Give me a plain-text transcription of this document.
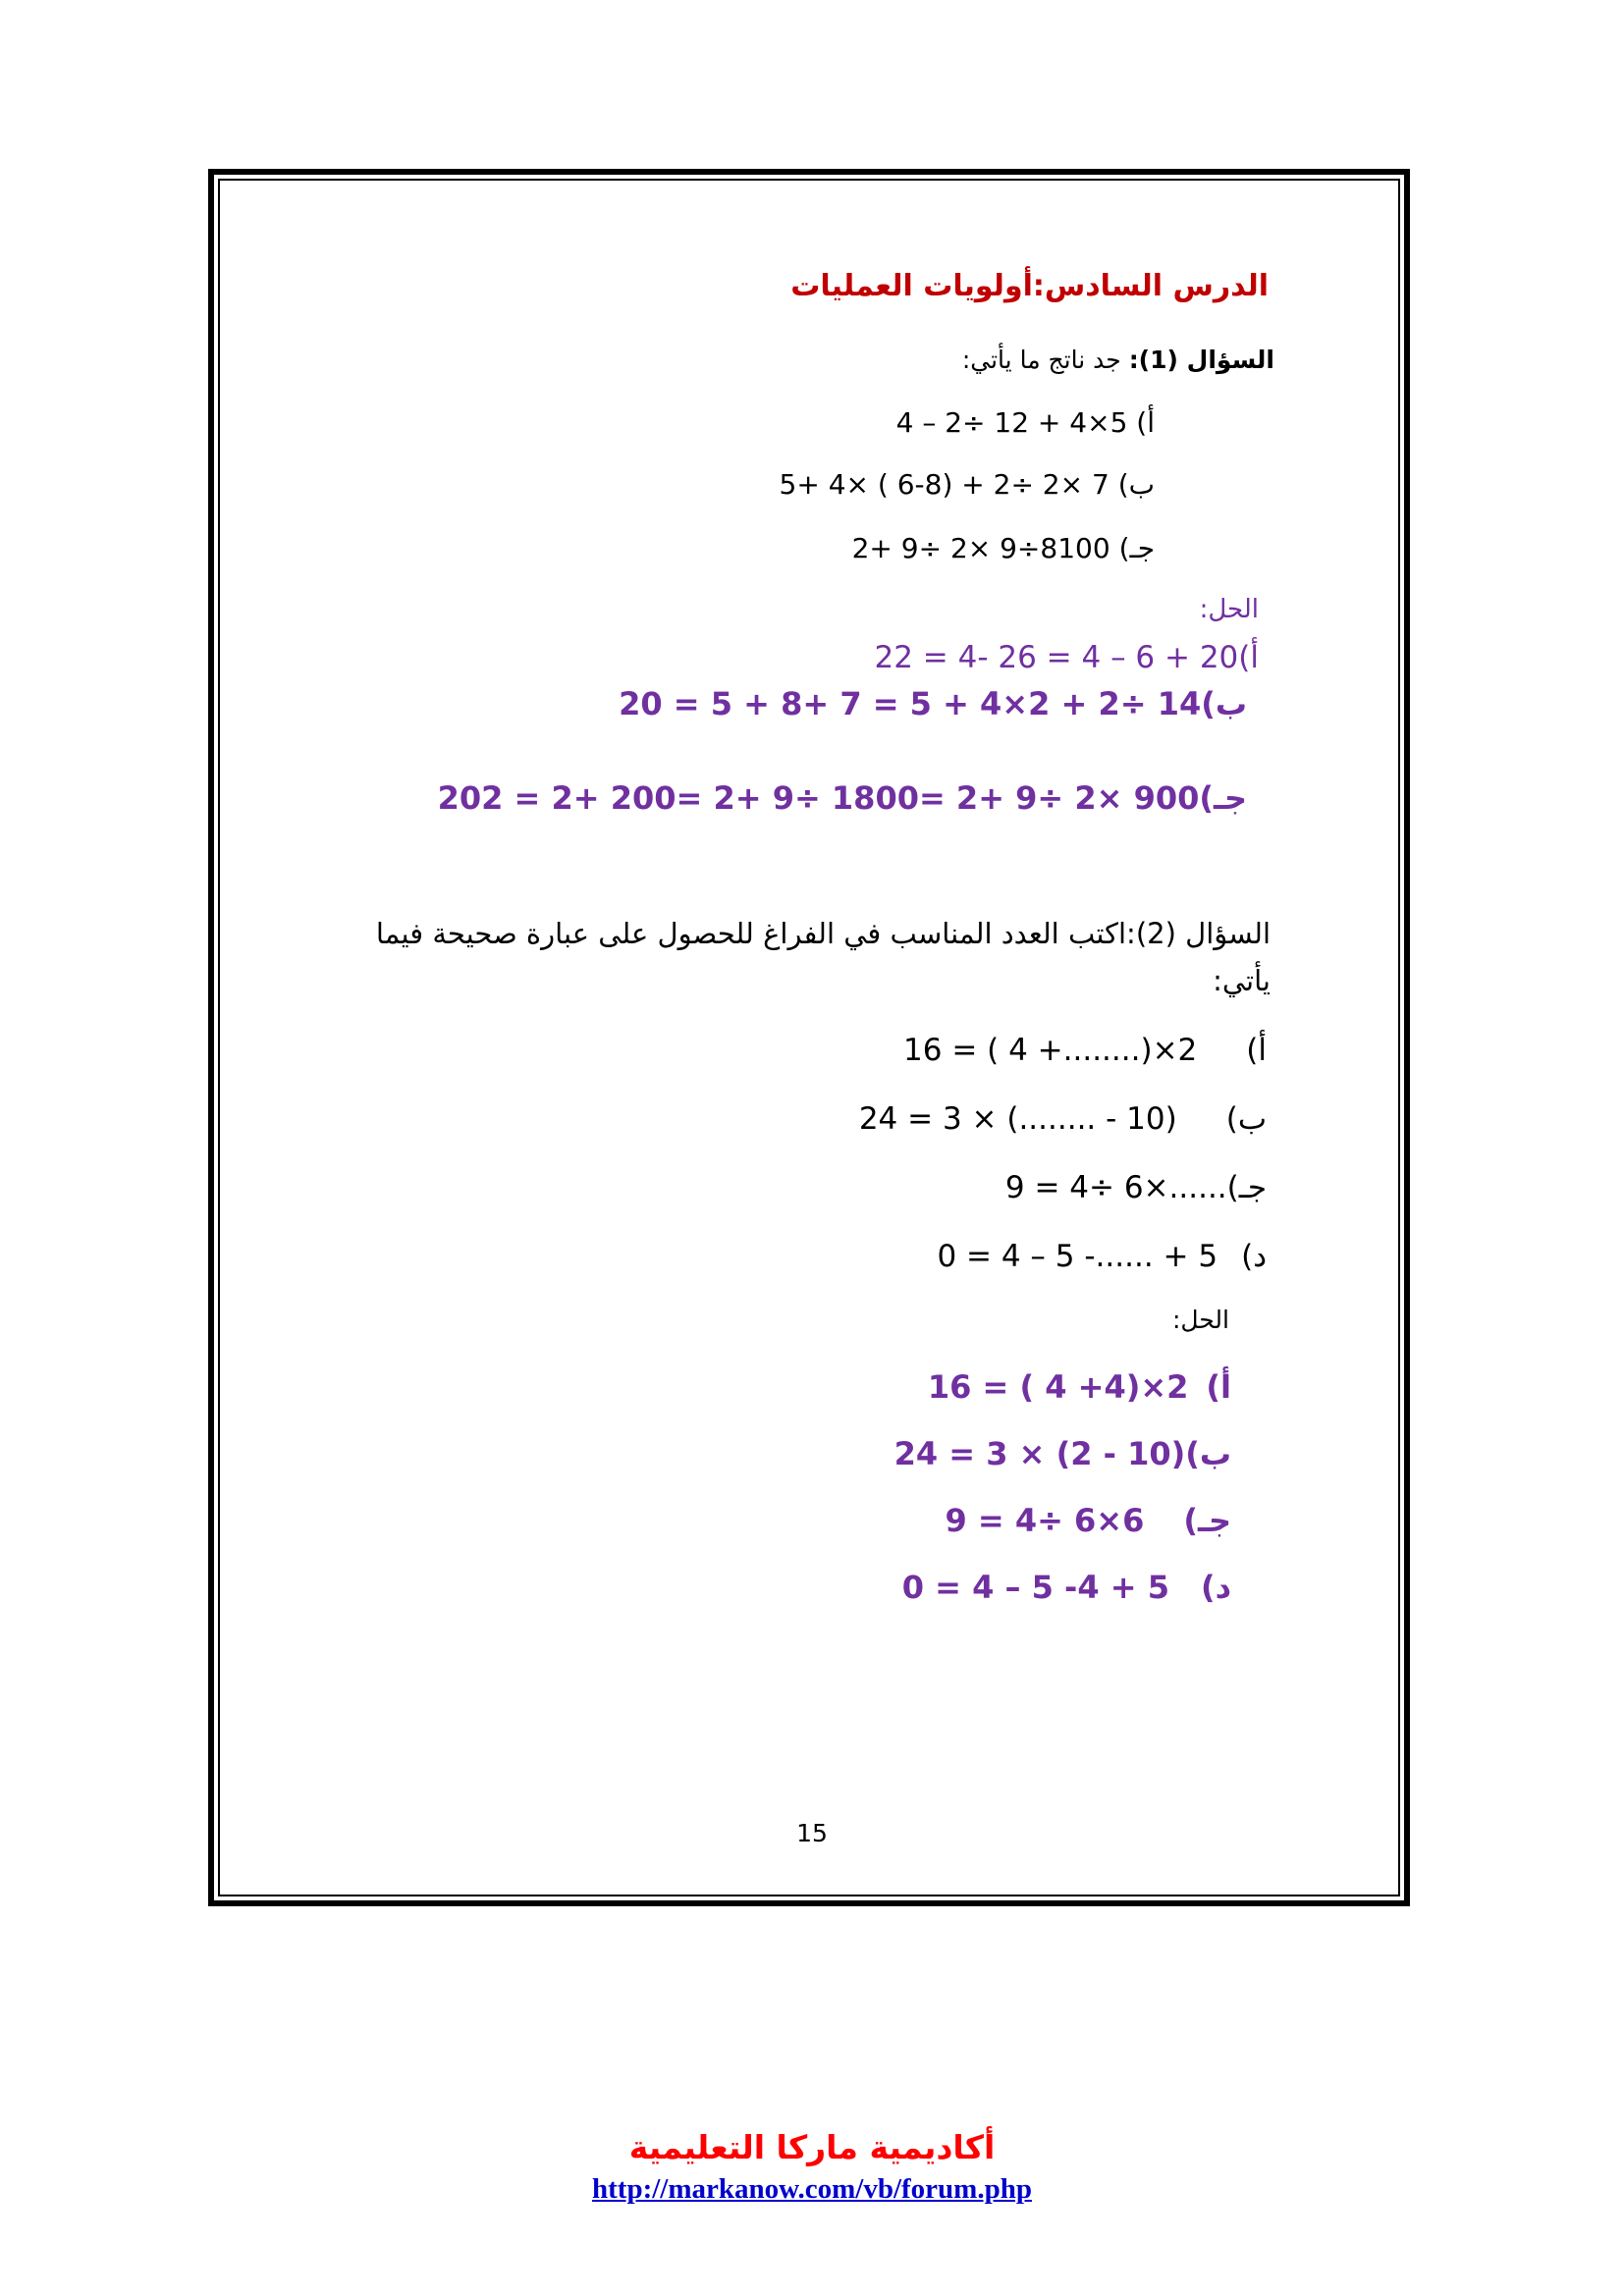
الدرس السادس:أولويات العمليات
السؤال (1): جد ناتج ما يأتي:
أ) 4 – 2÷ 12 + 4×5
ب) 5+ 4× ( 6-8) + 2÷ 2× 7
جـ) 2+ 9÷ 2× 9÷8100
الحل:
أ)22 = 4- 26 = 4 – 6 + 20
ب)20 = 5 + 8+ 7 = 5 + 4×2 + 2÷ 14
جـ)202 = 2+ 200= 2+ 9÷ 1800= 2+ 9÷ 2× 900
السؤال (2):اكتب العدد المناسب في الفراغ للحصول على عبارة صحيحة فيما
يأتي:
أ)16 = ( 4 +........)×2
ب)24 = 3 × (........ - 10)
جـ)9 = 4÷ 6×......
د)0 = 4 – 5 -...... + 5
الحل:
أ)16 = ( 4 +4)×2
ب)24 = 3 × (2 - 10)
جـ)9 = 4÷ 6×6
د)0 = 4 – 5 -4 + 5
15
أكاديمية ماركا التعليمية
http://markanow.com/vb/forum.php
